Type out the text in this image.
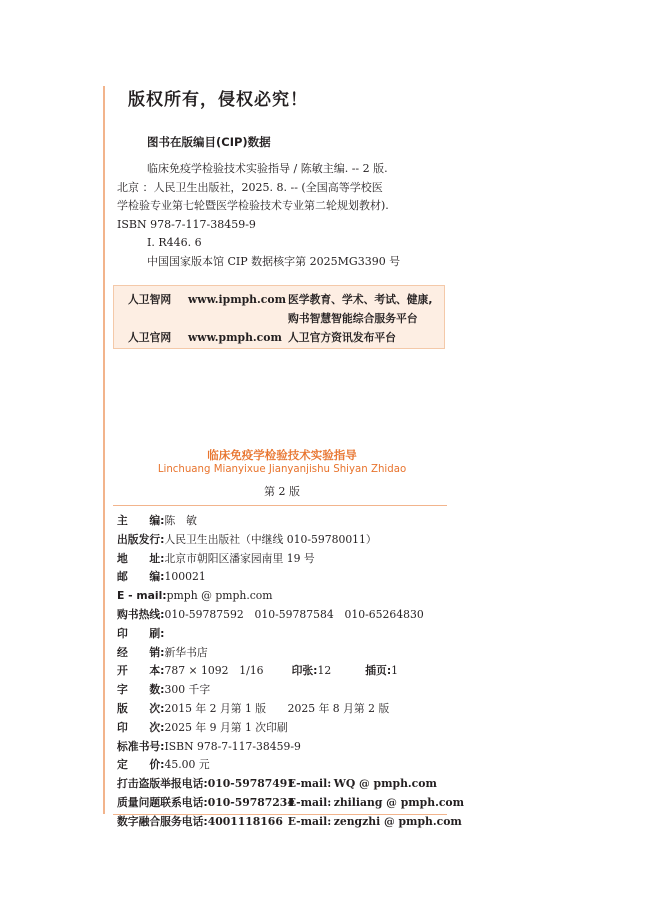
版权所有，侵权必究！
图书在版编目(CIP)数据
临床免疫学检验技术实验指导 / 陈敏主编. -- 2 版.
北京 ：人民卫生出版社，2025. 8. -- (全国高等学校医
学检验专业第七轮暨医学检验技术专业第二轮规划教材).
ISBN 978-7-117-38459-9
Ⅰ. R446. 6
中国国家版本馆 CIP 数据核字第 2025MG3390 号
人卫智网 www.ipmph.com 医学教育、学术、考试、健康,
购书智慧智能综合服务平台
人卫官网 www.pmph.com 人卫官方资讯发布平台
临床免疫学检验技术实验指导
Linchuang Mianyixue Jianyanjishu Shiyan Zhidao
第 2 版
主　　编:陈　敏
出版发行:人民卫生出版社（中继线 010-59780011）
地　　址:北京市朝阳区潘家园南里 19 号
邮　　编:100021
E - mail:pmph @ pmph.com
购书热线:010-59787592　010-59787584　010-65264830
印　　刷:
经　　销:新华书店
开　　本:787 × 1092　1/16	印张:12	插页:1
字　　数:300 千字
版　　次:2015 年 2 月第 1 版　　2025 年 8 月第 2 版
印　　次:2025 年 9 月第 1 次印刷
标准书号:ISBN 978-7-117-38459-9
定　　价:45.00 元
打击盗版举报电话:010-59787491E-mail: WQ @ pmph.com
质量问题联系电话:010-59787234E-mail: zhiliang @ pmph.com
数字融合服务电话:4001118166 E-mail: zengzhi @ pmph.com
